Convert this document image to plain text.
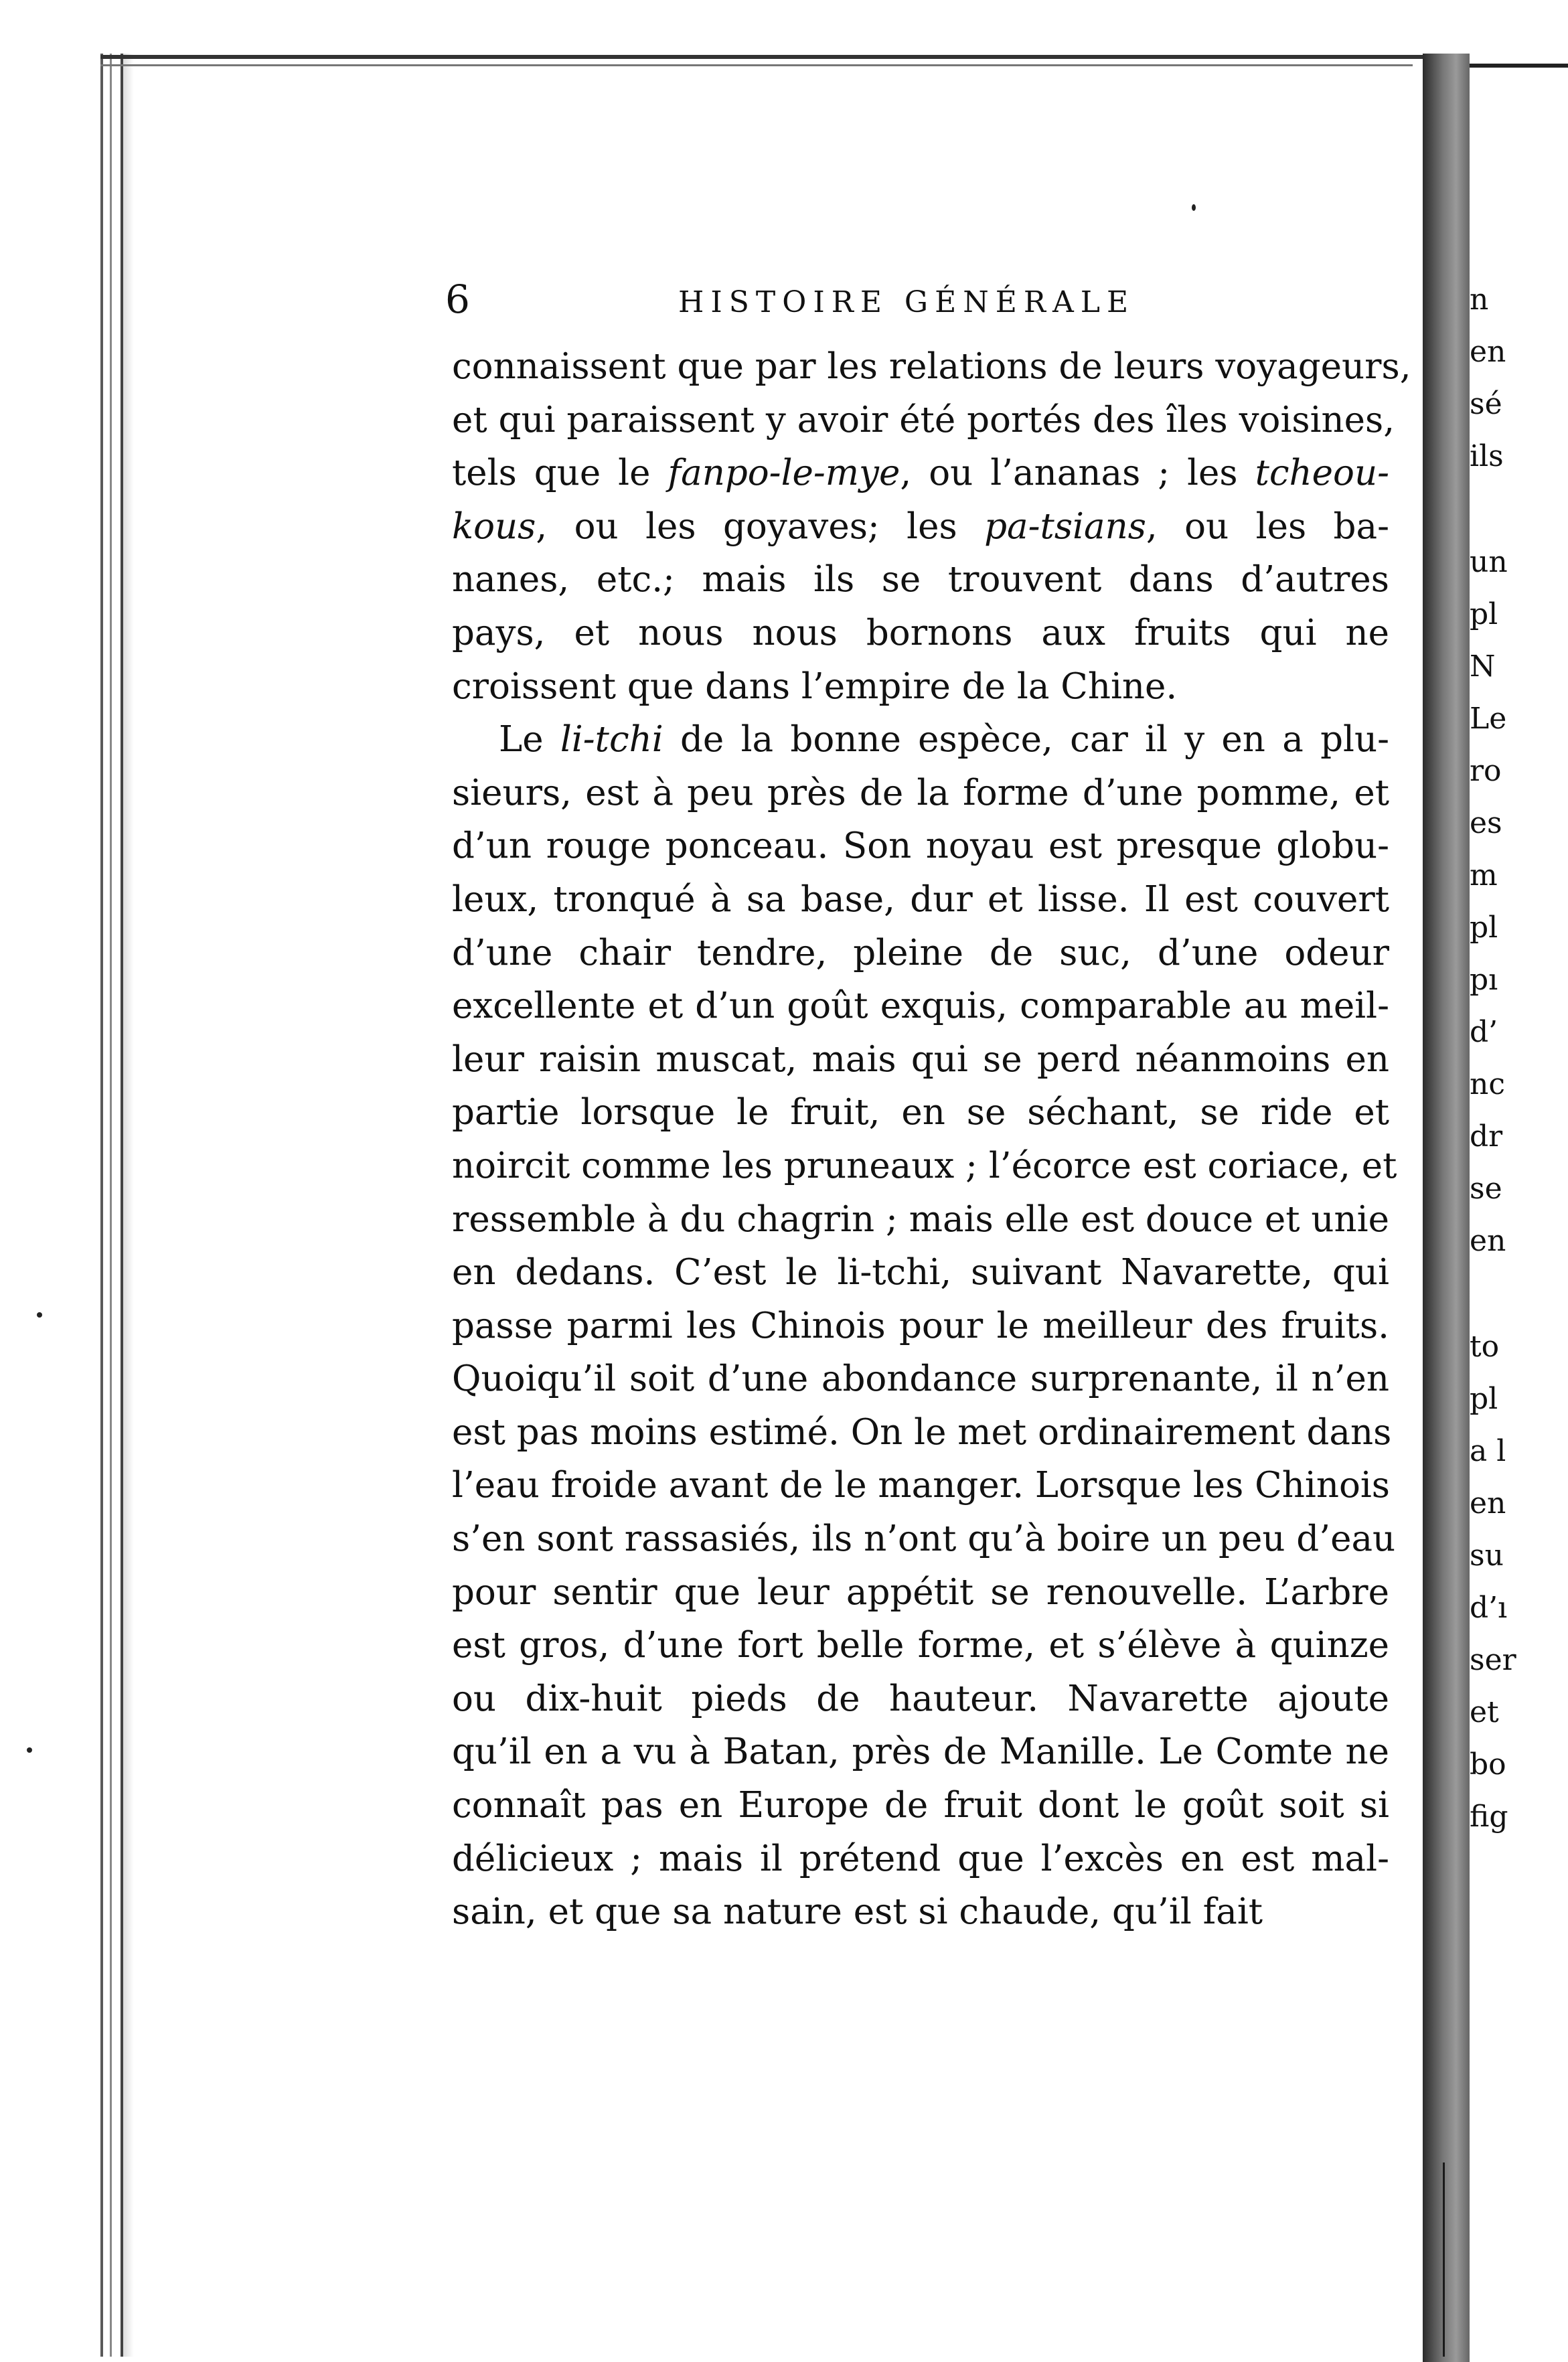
n
en
sé
ils
un
pl
N
Le
ro
es
m
pl
pı
d’
nc
dr
se
en
to
pl
a l
en
su
d’ı
ser
et
bo
fig
6	HISTOIRE GÉNÉRALE
connaissent que par les relations de leurs voyageurs,
et qui paraissent y avoir été portés des îles voisines,
tels que le fanpo-le-mye, ou l’ananas ; les tcheou-
kous, ou les goyaves; les pa-tsians, ou les ba-
nanes, etc.; mais ils se trouvent dans d’autres
pays, et nous nous bornons aux fruits qui ne
croissent que dans l’empire de la Chine.
Le li-tchi de la bonne espèce, car il y en a plu-
sieurs, est à peu près de la forme d’une pomme, et
d’un rouge ponceau. Son noyau est presque globu-
leux, tronqué à sa base, dur et lisse. Il est couvert
d’une chair tendre, pleine de suc, d’une odeur
excellente et d’un goût exquis, comparable au meil-
leur raisin muscat, mais qui se perd néanmoins en
partie lorsque le fruit, en se séchant, se ride et
noircit comme les pruneaux ; l’écorce est coriace, et
ressemble à du chagrin ; mais elle est douce et unie
en dedans. C’est le li-tchi, suivant Navarette, qui
passe parmi les Chinois pour le meilleur des fruits.
Quoiqu’il soit d’une abondance surprenante, il n’en
est pas moins estimé. On le met ordinairement dans
l’eau froide avant de le manger. Lorsque les Chinois
s’en sont rassasiés, ils n’ont qu’à boire un peu d’eau
pour sentir que leur appétit se renouvelle. L’arbre
est gros, d’une fort belle forme, et s’élève à quinze
ou dix-huit pieds de hauteur. Navarette ajoute
qu’il en a vu à Batan, près de Manille. Le Comte ne
connaît pas en Europe de fruit dont le goût soit si
délicieux ; mais il prétend que l’excès en est mal-
sain, et que sa nature est si chaude, qu’il fait
